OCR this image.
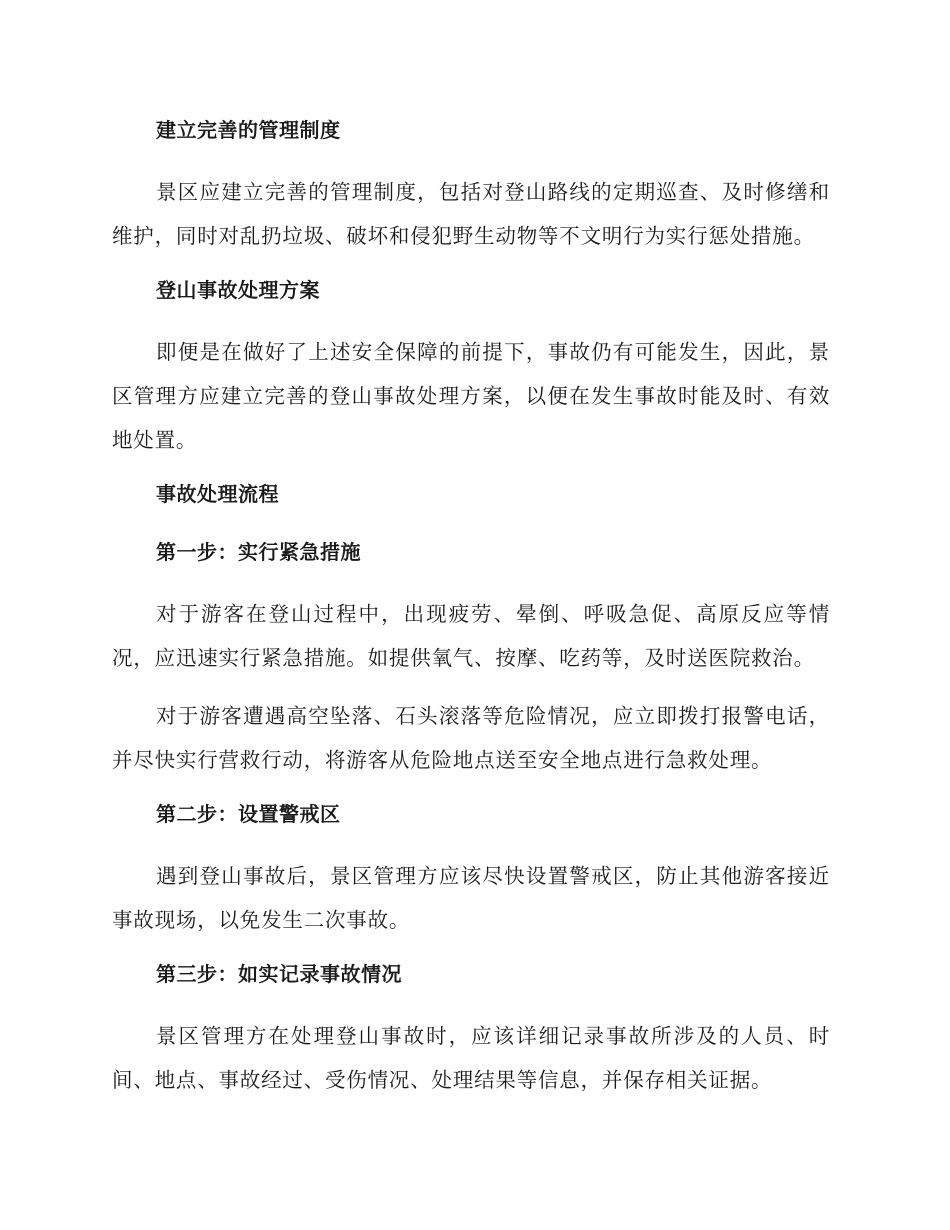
建立完善的管理制度

景区应建立完善的管理制度，包括对登山路线的定期巡查、及时修缮和维护，同时对乱扔垃圾、破坏和侵犯野生动物等不文明行为实行惩处措施。

登山事故处理方案

即便是在做好了上述安全保障的前提下，事故仍有可能发生，因此，景区管理方应建立完善的登山事故处理方案，以便在发生事故时能及时、有效地处置。

事故处理流程

第一步：实行紧急措施

对于游客在登山过程中，出现疲劳、晕倒、呼吸急促、高原反应等情况，应迅速实行紧急措施。如提供氧气、按摩、吃药等，及时送医院救治。

对于游客遭遇高空坠落、石头滚落等危险情况，应立即拨打报警电话，并尽快实行营救行动，将游客从危险地点送至安全地点进行急救处理。

第二步：设置警戒区

遇到登山事故后，景区管理方应该尽快设置警戒区，防止其他游客接近事故现场，以免发生二次事故。

第三步：如实记录事故情况

景区管理方在处理登山事故时，应该详细记录事故所涉及的人员、时间、地点、事故经过、受伤情况、处理结果等信息，并保存相关证据。
